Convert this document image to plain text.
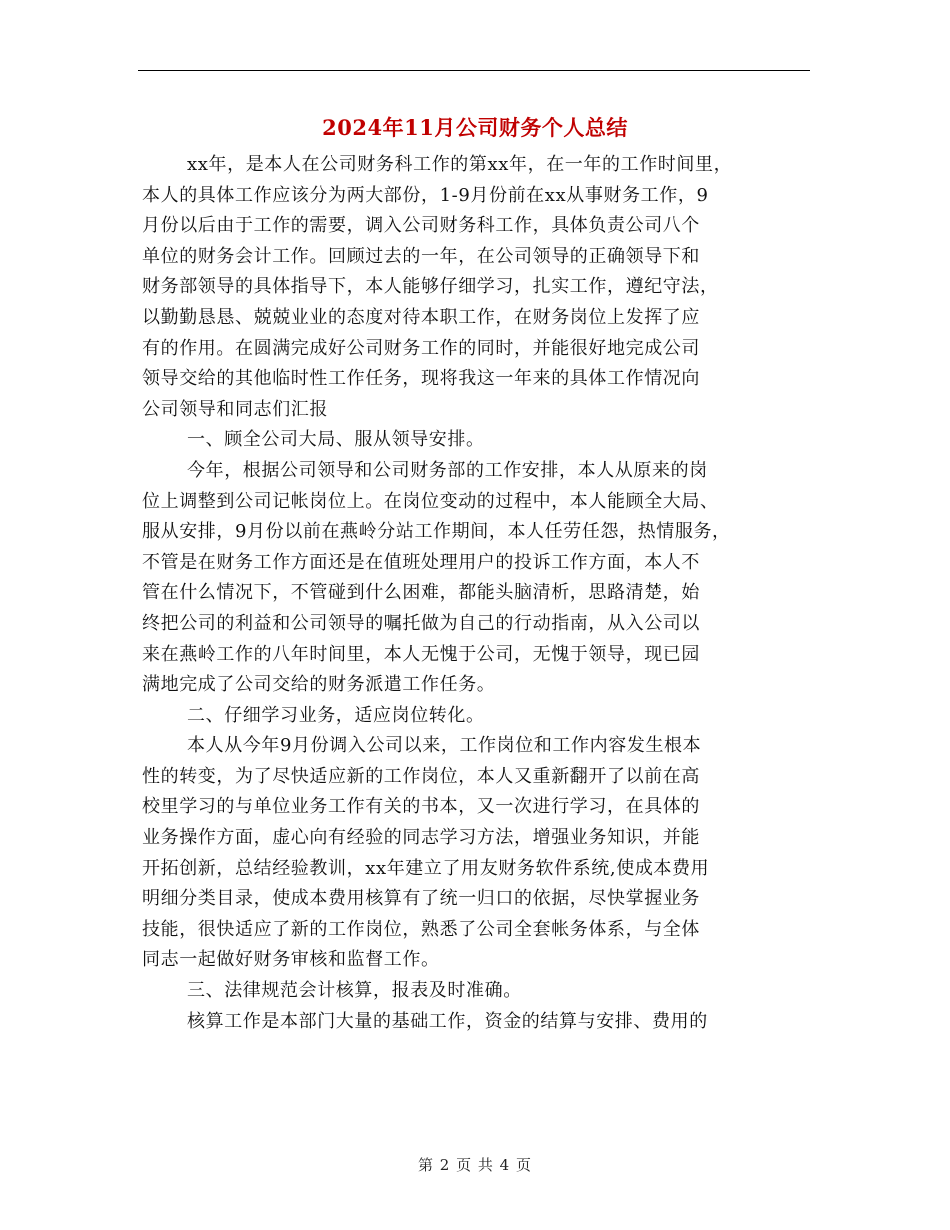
2024年11月公司财务个人总结
xx年，是本人在公司财务科工作的第xx年，在一年的工作时间里，
本人的具体工作应该分为两大部份，1-9月份前在xx从事财务工作，9
月份以后由于工作的需要，调入公司财务科工作，具体负责公司八个
单位的财务会计工作。回顾过去的一年，在公司领导的正确领导下和
财务部领导的具体指导下，本人能够仔细学习，扎实工作，遵纪守法，
以勤勤恳恳、兢兢业业的态度对待本职工作，在财务岗位上发挥了应
有的作用。在圆满完成好公司财务工作的同时，并能很好地完成公司
领导交给的其他临时性工作任务，现将我这一年来的具体工作情况向
公司领导和同志们汇报
一、顾全公司大局、服从领导安排。
今年，根据公司领导和公司财务部的工作安排，本人从原来的岗
位上调整到公司记帐岗位上。在岗位变动的过程中，本人能顾全大局、
服从安排，9月份以前在燕岭分站工作期间，本人任劳任怨，热情服务，
不管是在财务工作方面还是在值班处理用户的投诉工作方面，本人不
管在什么情况下，不管碰到什么困难，都能头脑清析，思路清楚，始
终把公司的利益和公司领导的嘱托做为自己的行动指南，从入公司以
来在燕岭工作的八年时间里，本人无愧于公司，无愧于领导，现已园
满地完成了公司交给的财务派遣工作任务。
二、仔细学习业务，适应岗位转化。
本人从今年9月份调入公司以来，工作岗位和工作内容发生根本
性的转变，为了尽快适应新的工作岗位，本人又重新翻开了以前在高
校里学习的与单位业务工作有关的书本，又一次进行学习，在具体的
业务操作方面，虚心向有经验的同志学习方法，增强业务知识，并能
开拓创新，总结经验教训，xx年建立了用友财务软件系统,使成本费用
明细分类目录，使成本费用核算有了统一归口的依据，尽快掌握业务
技能，很快适应了新的工作岗位，熟悉了公司全套帐务体系，与全体
同志一起做好财务审核和监督工作。
三、法律规范会计核算，报表及时准确。
核算工作是本部门大量的基础工作，资金的结算与安排、费用的
第 2 页 共 4 页
